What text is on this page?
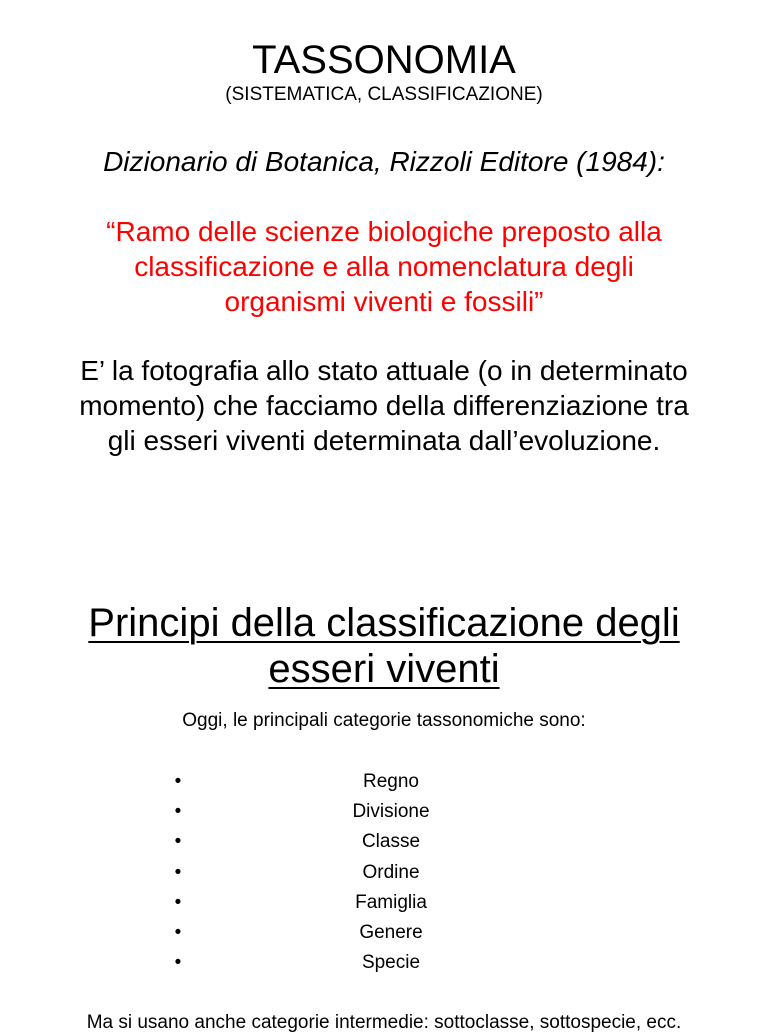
TASSONOMIA
(SISTEMATICA, CLASSIFICAZIONE)
Dizionario di Botanica, Rizzoli Editore (1984):
“Ramo delle scienze biologiche preposto alla
classificazione e alla nomenclatura degli
organismi viventi e fossili”
E’ la fotografia allo stato attuale (o in determinato
momento) che facciamo della differenziazione tra
gli esseri viventi determinata dall’evoluzione.
Principi della classificazione degli
esseri viventi
Oggi, le principali categorie tassonomiche sono:
•	Regno
•	Divisione
•	Classe
•	Ordine
•	Famiglia
•	Genere
•	Specie
Ma si usano anche categorie intermedie: sottoclasse, sottospecie, ecc.
